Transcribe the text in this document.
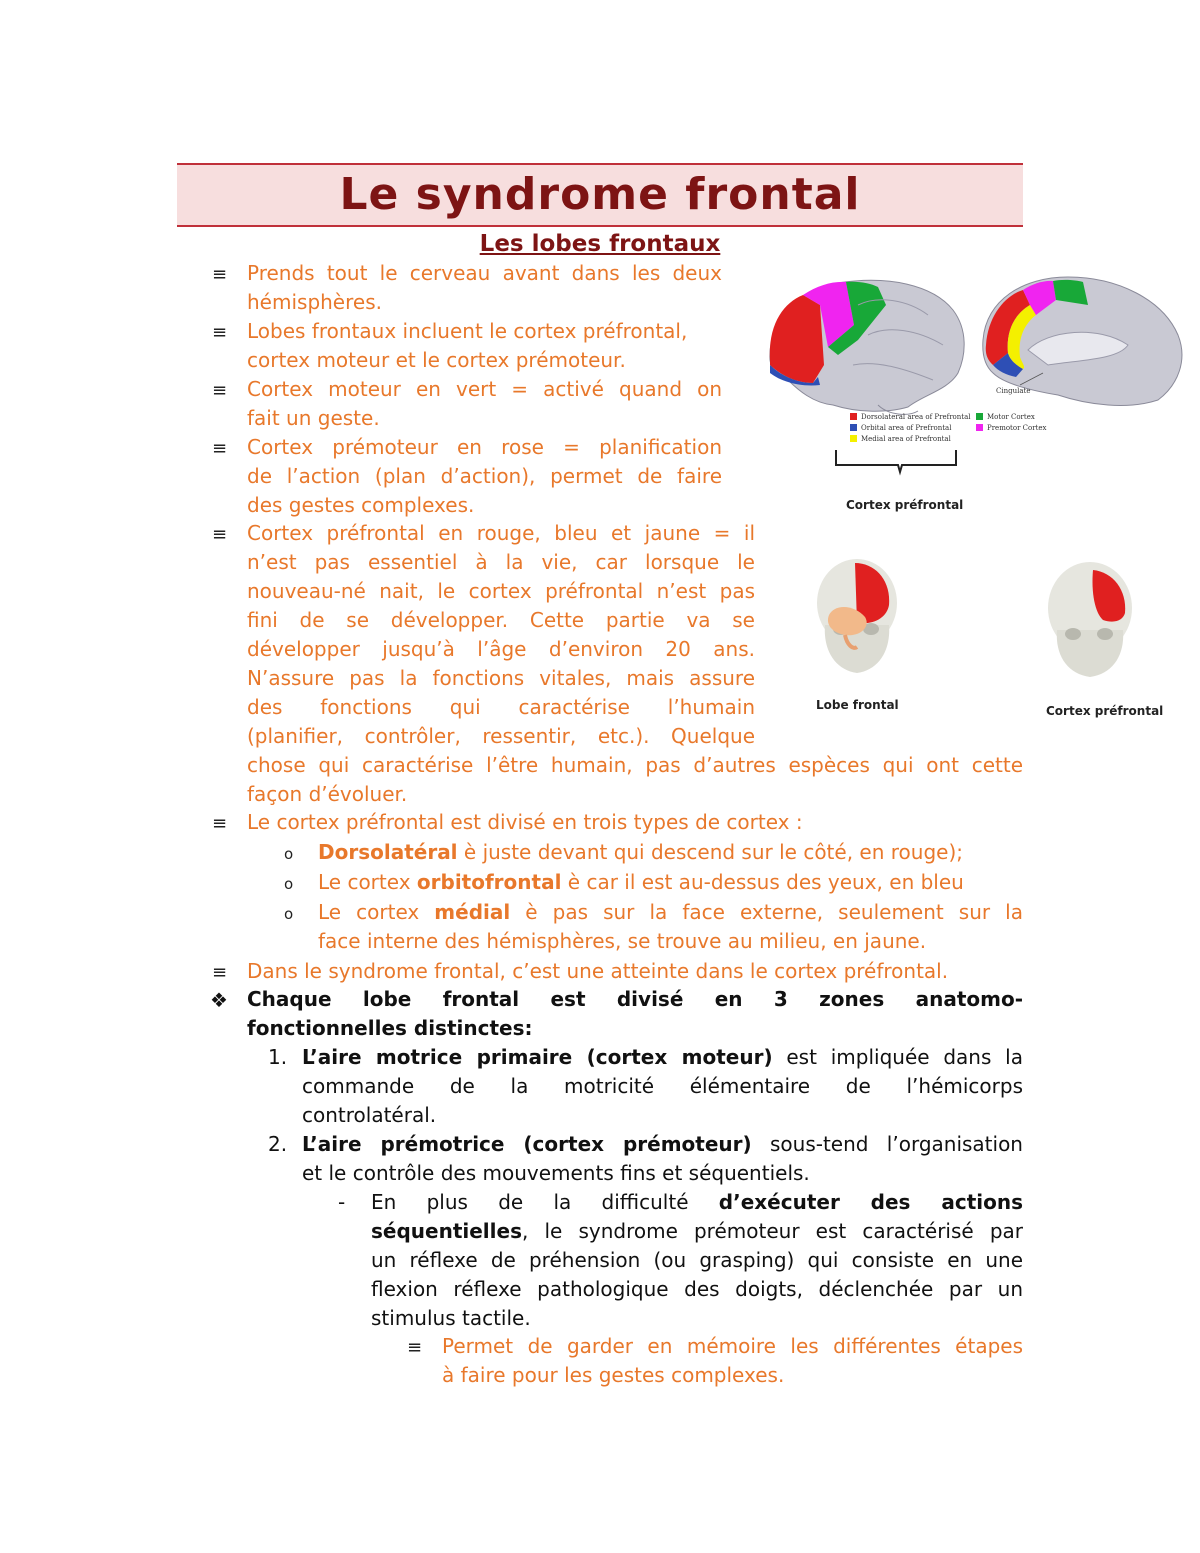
Le syndrome frontal
Les lobes frontaux
≡ Prends tout le cerveau avant dans les deux
hémisphères.
≡ Lobes frontaux incluent le cortex préfrontal,
cortex moteur et le cortex prémoteur.
≡ Cortex moteur en vert = activé quand on
fait un geste.
≡ Cortex prémoteur en rose = planification
de l’action (plan d’action), permet de faire
des gestes complexes.
≡ Cortex préfrontal en rouge, bleu et jaune = il
n’est pas essentiel à la vie, car lorsque le
nouveau-né nait, le cortex préfrontal n’est pas
fini de se développer. Cette partie va se
développer jusqu’à l’âge d’environ 20 ans.
N’assure pas la fonctions vitales, mais assure
des fonctions qui caractérise l’humain
(planifier, contrôler, ressentir, etc.). Quelque
chose qui caractérise l’être humain, pas d’autres espèces qui ont cette
façon d’évoluer.
≡ Le cortex préfrontal est divisé en trois types de cortex :
o Dorsolatéral è juste devant qui descend sur le côté, en rouge);
o Le cortex orbitofrontal è car il est au-dessus des yeux, en bleu
o Le cortex médial è pas sur la face externe, seulement sur la
face interne des hémisphères, se trouve au milieu, en jaune.
≡ Dans le syndrome frontal, c’est une atteinte dans le cortex préfrontal.
❖ Chaque lobe frontal est divisé en 3 zones anatomo-
fonctionnelles distinctes:
1. L’aire motrice primaire (cortex moteur) est impliquée dans la
commande de la motricité élémentaire de l’hémicorps
controlatéral.
2. L’aire prémotrice (cortex prémoteur) sous-tend l’organisation
et le contrôle des mouvements fins et séquentiels.
- En plus de la difficulté d’exécuter des actions
séquentielles, le syndrome prémoteur est caractérisé par
un réflexe de préhension (ou grasping) qui consiste en une
flexion réflexe pathologique des doigts, déclenchée par un
stimulus tactile.
≡ Permet de garder en mémoire les différentes étapes
à faire pour les gestes complexes.
Cingulate
Dorsolateral area of Prefrontal
Orbital area of Prefrontal
Medial area of Prefrontal
Motor Cortex
Premotor Cortex
Cortex préfrontal
Lobe frontal	Cortex préfrontal
